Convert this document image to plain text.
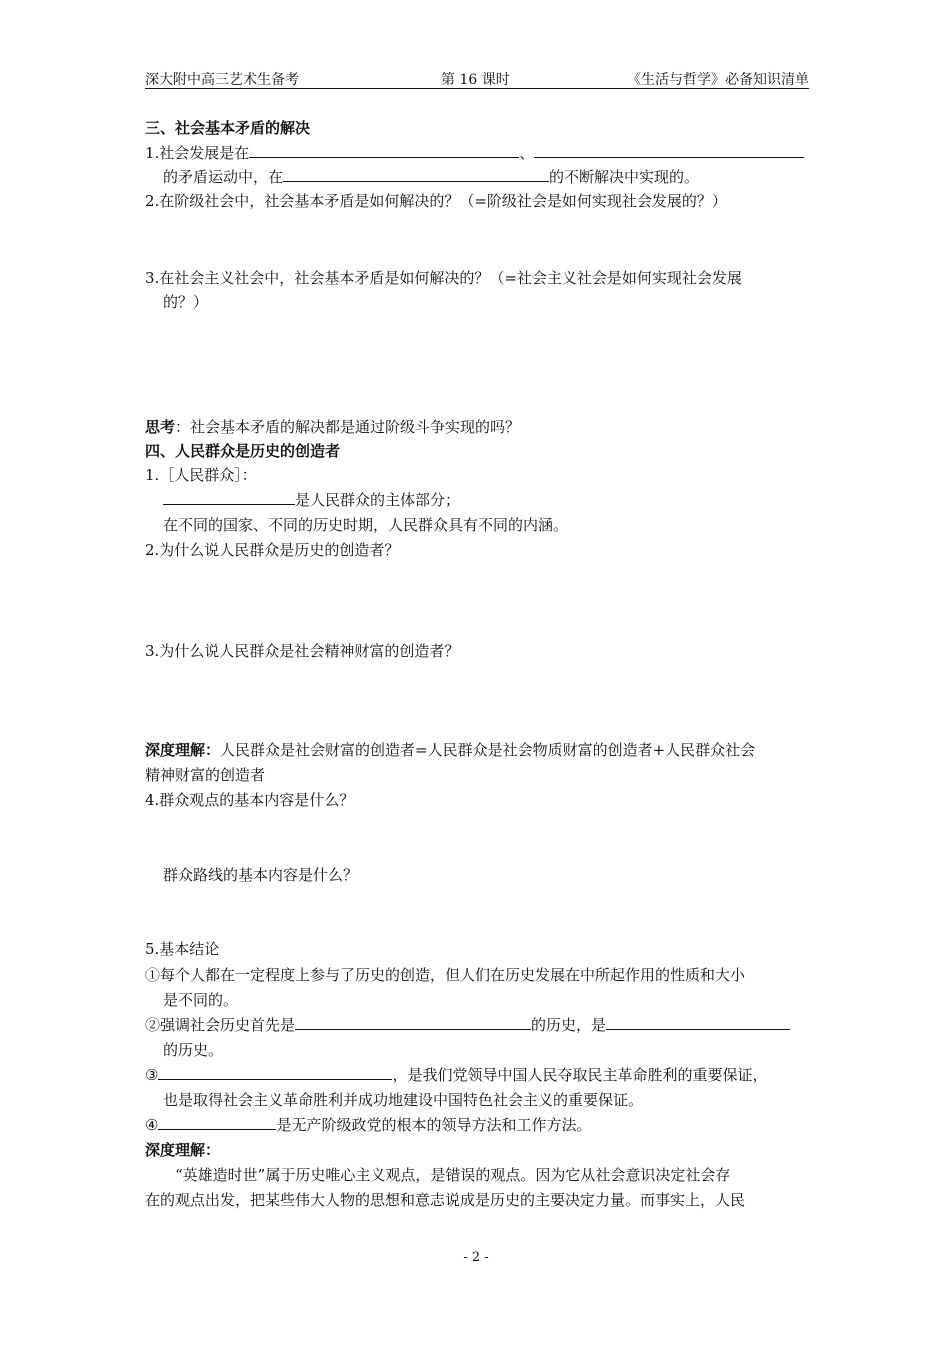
深大附中高三艺术生备考	第 16 课时	《生活与哲学》必备知识清单
三、社会基本矛盾的解决
1.社会发展是在	、
的矛盾运动中，在	的不断解决中实现的。
2.在阶级社会中，社会基本矛盾是如何解决的？（=阶级社会是如何实现社会发展的？）
3.在社会主义社会中，社会基本矛盾是如何解决的？（=社会主义社会是如何实现社会发展
的？）
思考：社会基本矛盾的解决都是通过阶级斗争实现的吗？
四、人民群众是历史的创造者
1.［人民群众］：
是人民群众的主体部分；
在不同的国家、不同的历史时期，人民群众具有不同的内涵。
2.为什么说人民群众是历史的创造者？
3.为什么说人民群众是社会精神财富的创造者？
深度理解：人民群众是社会财富的创造者=人民群众是社会物质财富的创造者+人民群众社会
精神财富的创造者
4.群众观点的基本内容是什么？
群众路线的基本内容是什么？
5.基本结论
①每个人都在一定程度上参与了历史的创造，但人们在历史发展在中所起作用的性质和大小
是不同的。
②强调社会历史首先是	的历史，是
的历史。
③	，是我们党领导中国人民夺取民主革命胜利的重要保证，
也是取得社会主义革命胜利并成功地建设中国特色社会主义的重要保证。
④	是无产阶级政党的根本的领导方法和工作方法。
深度理解：
“英雄造时世”属于历史唯心主义观点，是错误的观点。因为它从社会意识决定社会存
在的观点出发，把某些伟大人物的思想和意志说成是历史的主要决定力量。而事实上，人民
- 2 -
